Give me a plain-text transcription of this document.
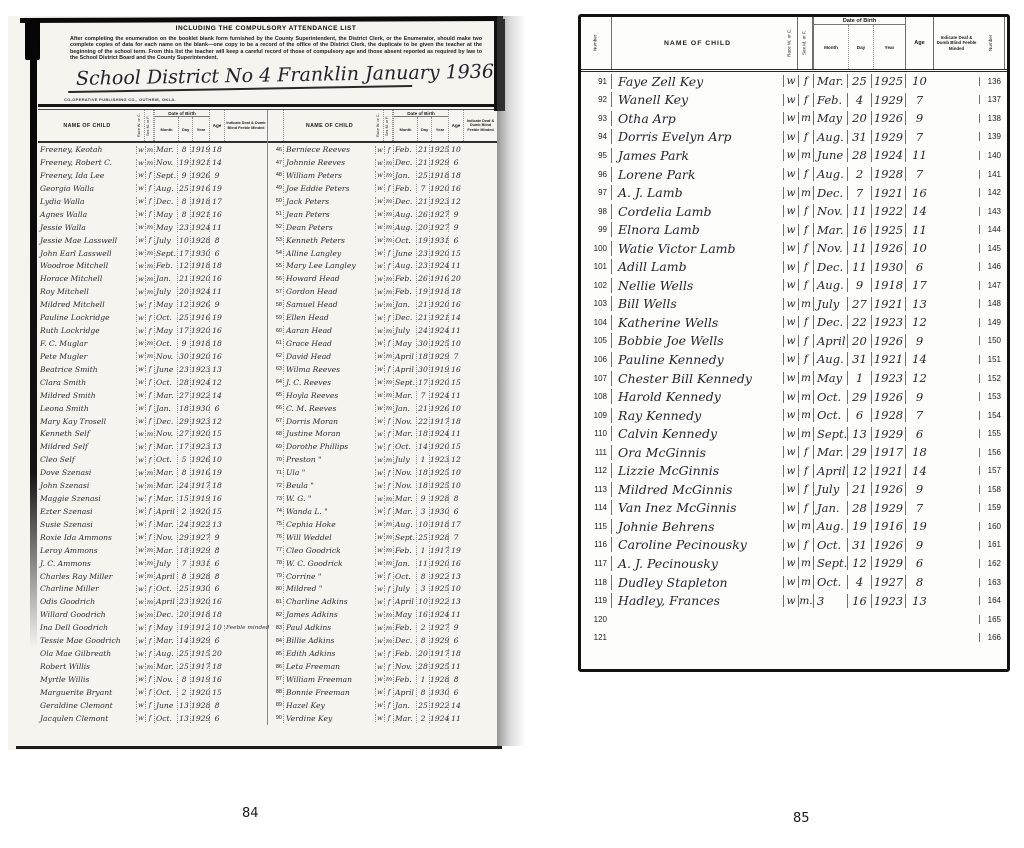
INCLUDING THE COMPULSORY ATTENDANCE LIST
After completing the enumeration on the booklet blank form furnished by the County Superintendent, the District Clerk, or the Enumerator, should make two complete copies of data for each name on the blank—one copy to be a record of the office of the District Clerk, the duplicate to be given the teacher at the beginning of the school term. From this list the teacher will keep a careful record of those of compulsory age and those absent reported as required by law to the School District Board and the County Superintendent.
School District No 4 Franklin January 1936
CO-OPERATIVE PUBLISHING CO., GUTHRIE, OKLA.
NAME OF CHILD	Race W. or C.	Sex M. or F.
Date of Birth
Month	Day	Year
Age	Indicate Deaf & Dumb Blind Feeble Minded
Freeney, Keotah	w m Mar.	8 1919 18
Freeney, Robert C.	w m Nov. 19 1921 14
Freeney, Ida Lee	w f Sept. 9 1926 9
Georgia Walla	w f Aug. 25 1916 19
Lydia Walla	w f Dec.	8 1918 17
Agnes Walla	w f May	8 1921 16
Jessie Walla	w m May 23 1924 11
Jessie Mae Lasswell	w f July	10 1928 8
John Earl Lasswell	w m Sept. 17 1930 6
Woodroe Mitchell	w m Feb. 12 1918 18
Horace Mitchell	w m Jan.	21 1920 16
Roy Mitchell	w m July	20 1924 11
Mildred Mitchell	w f May 12 1926 9
Pauline Lockridge	w f Oct. 25 1916 19
Ruth Lockridge	w f May 17 1920 16
F. C. Muglar	w m Oct.	9 1918 18
Pete Mugler	w m Nov. 30 1920 16
Beatrice Smith	w f June 23 1923 13
Clara Smith	w f Oct. 28 1924 12
Mildred Smith	w f Mar. 27 1922 14
Leona Smith	w f Jan.	18 1930 6
Mary Kay Trosell	w f Dec. 29 1923 12
Kenneth Self	w m Nov. 27 1920 15
Mildred Self	w f Mar. 17 1923 13
Cleo Self	w f Oct.	5 1926 10
Dove Szenasi	w m Mar.	8 1916 19
John Szenasi	w m Mar. 24 1917 18
Maggie Szenasi	w f Mar. 15 1919 16
Ezter Szenasi	w f April 2 1920 15
Susie Szenasi	w f Mar. 24 1922 13
Roxie Ida Ammons	w f Nov. 29 1927 9
Leroy Ammons	w m Mar. 18 1929 8
J. C. Ammons	w m July	7 1931 6
Charles Ray Miller	w m April 8 1928 8
Charline Miller	w f Oct. 25 1930 6
Odis Goodrich	w m April 23 1920 16
Willard Goodrich	w m Dec. 20 1918 18
Ina Dell Goodrich	w f May 19 1912 10 Feeble minded
Tessie Mae Goodrich	w f Mar. 14 1929 6
Ola Mae Gilbreath	w f Aug. 25 1915 20
Robert Willis	w m Mar. 25 1917 18
Myrtle Willis	w f Nov.	8 1919 16
Marguerite Bryant	w f Oct.	2 1920 15
Geraldine Clemont	w f June 13 1928 8
Jacqulen Clemont	w f Oct. 13 1929 6
NAME OF CHILD	Race W. or C.	Sex M. or F.
Date of Birth
Month	Day	Year
Age
Indicate Deaf & Dumb Blind Feeble Minded
46 Berniece Reeves	w f Feb. 21 1925 10
47 Johnnie Reeves	w m Dec. 21 1929 6
48 William Peters	w m Jan.	25 1918 18
49 Joe Eddie Peters	w f Feb.	7 1920 16
50 Jack Peters	w m Dec. 21 1923 12
51 Jean Peters	w m Aug. 26 1927 9
52 Dean Peters	w m Aug. 20 1927 9
53 Kenneth Peters	w m Oct. 19 1931 6
54 Alline Langley	w f June 23 1920 15
55 Mary Lee Langley	w f Aug. 23 1924 11
56 Howard Head	w m Feb. 26 1916 20
57 Gordon Head	w m Feb. 19 1918 18
58 Samuel Head	w m Jan.	21 1920 16
59 Ellen Head	w f Dec. 21 1921 14
60 Aaran Head	w m July	24 1924 11
61 Grace Head	w f May 30 1925 10
62 David Head	w m April 18 1929 7
63 Wilma Reeves	w f April 30 1919 16
64 J. C. Reeves	w m Sept. 17 1920 15
65 Hoyla Reeves	w m Mar.	7 1924 11
66 C. M. Reeves	w m Jan.	21 1926 10
67 Dorris Moran	w f Nov. 22 1917 18
68 Justine Moran	w f Mar. 18 1924 11
69 Dorothe Phillips	w f Oct. 14 1920 15
70 Preston "	w m July	1 1923 12
71 Ula "	w f Nov. 18 1925 10
72 Beula "	w f Nov. 18 1925 10
73 W. G. "	w m Mar.	9 1928 8
74 Wanda L. "	w f Mar.	3 1930 6
75 Cephia Hoke	w m Aug. 10 1918 17
76 Will Weddel	w m Sept. 25 1928 7
77 Cleo Goodrick	w m Feb.	1 1917 19
78 W. C. Goodrick	w m Jan.	11 1920 16
79 Corrine "	w f Oct.	8 1922 13
80 Mildred "	w f July	3 1925 10
81 Charline Adkins	w f April 10 1922 13
82 James Adkins	w m May 16 1924 11
83 Paul Adkins	w m Feb.	2 1927 9
84 Billie Adkins	w m Dec.	8 1929 6
85 Edith Adkins	w f Feb. 20 1917 18
86 Leta Freeman	w f Nov. 28 1925 11
87 William Freeman	w m Feb.	1 1928 8
88 Bonnie Freeman	w f April 8 1930 6
89 Hazel Key	w f Jan.	25 1922 14
90 Verdine Key	w f Mar.	2 1924 11
84
Number	NAME OF CHILD	Race W. or C.	Sex M. or F.
Date of Birth
Month	Day	Year
Age
Indicate Deaf & Dumb Blind Feeble Minded	Number
91 Faye Zell Key	w f Mar. 25 1925 10	136
92 Wanell Key	w f Feb.	4 1929	7	137
93 Otha Arp	w m May 20 1926	9	138
94 Dorris Evelyn Arp	w f Aug. 31 1929	7	139
95 James Park	w m June 28 1924 11	140
96 Lorene Park	w f Aug.	2 1928	7	141
97 A. J. Lamb	w m Dec.	7 1921 16	142
98 Cordelia Lamb	w f Nov. 11 1922 14	143
99 Elnora Lamb	w f Mar. 16 1925 11	144
100 Watie Victor Lamb	w f Nov. 11 1926 10	145
101 Adill Lamb	w f Dec. 11 1930	6	146
102 Nellie Wells	w f Aug.	9 1918 17	147
103 Bill Wells	w m July	27 1921 13	148
104 Katherine Wells	w f Dec. 22 1923 12	149
105 Bobbie Joe Wells	w f April 20 1926	9	150
106 Pauline Kennedy	w f Aug. 31 1921 14	151
107 Chester Bill Kennedy	w m May	1 1923 12	152
108 Harold Kennedy	w m Oct. 29 1926	9	153
109 Ray Kennedy	w m Oct.	6 1928	7	154
110 Calvin Kennedy	w m Sept. 13 1929	6	155
111 Ora McGinnis	w f Mar. 29 1917 18	156
112 Lizzie McGinnis	w f April 12 1921 14	157
113 Mildred McGinnis	w f July	21 1926	9	158
114 Van Inez McGinnis	w f Jan.	28 1929	7	159
115 Johnie Behrens	w m Aug. 19 1916 19	160
116 Caroline Pecinousky	w f Oct. 31 1926	9	161
117 A. J. Pecinousky	w m Sept. 12 1929	6	162
118 Dudley Stapleton	w m Oct.	4 1927	8	163
119 Hadley, Frances	w m. 3	16 1923 13	164
120	165
121	166
85
